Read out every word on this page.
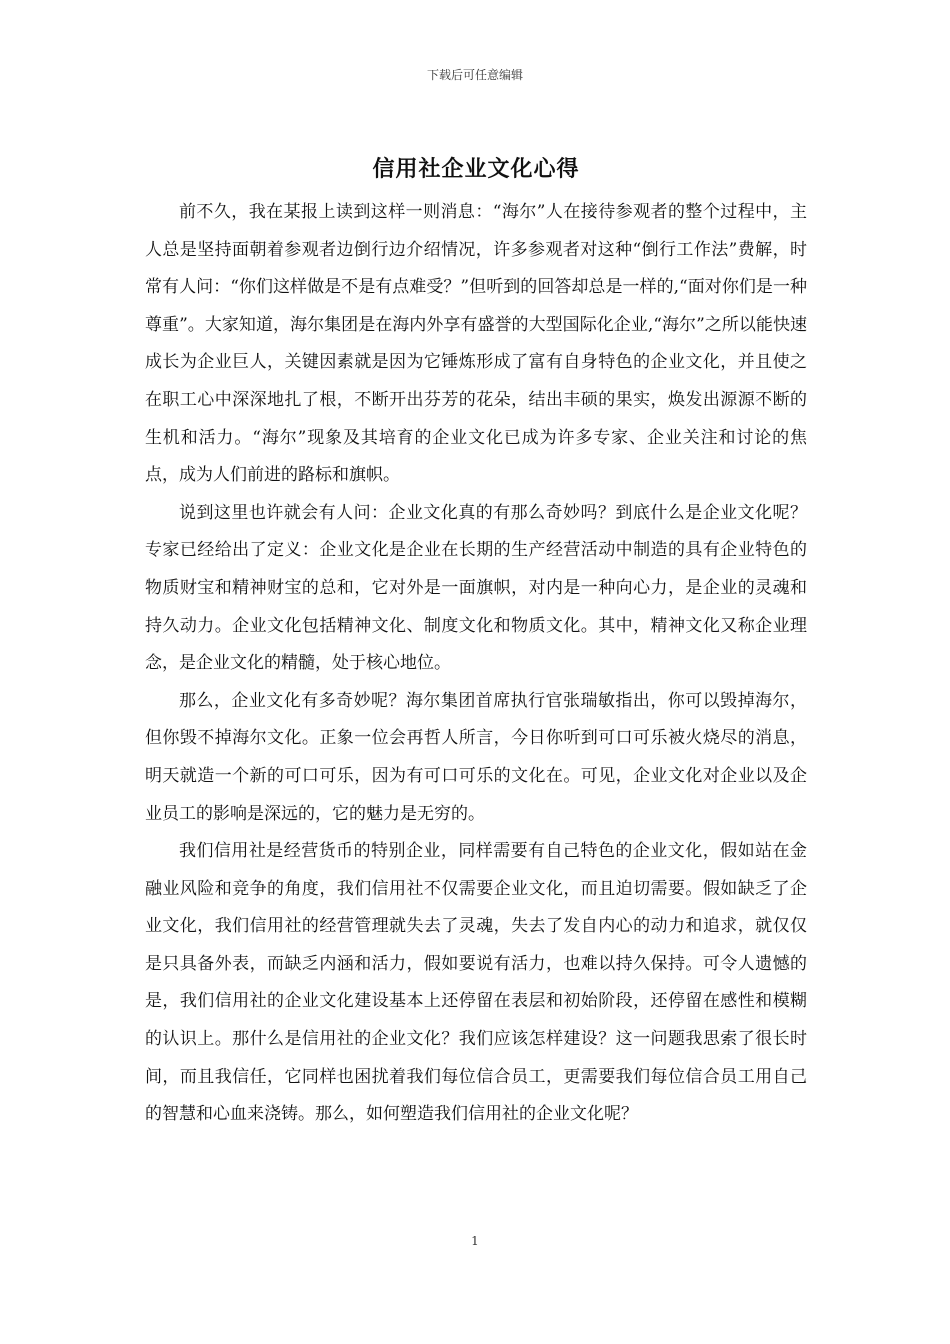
下载后可任意编辑
信用社企业文化心得

前不久，我在某报上读到这样一则消息：“海尔”人在接待参观者的整个过程中，主人总是坚持面朝着参观者边倒行边介绍情况，许多参观者对这种“倒行工作法”费解，时常有人问：“你们这样做是不是有点难受？”但听到的回答却总是一样的,“面对你们是一种尊重”。大家知道，海尔集团是在海内外享有盛誉的大型国际化企业,“海尔”之所以能快速成长为企业巨人，关键因素就是因为它锤炼形成了富有自身特色的企业文化，并且使之在职工心中深深地扎了根，不断开出芬芳的花朵，结出丰硕的果实，焕发出源源不断的生机和活力。“海尔”现象及其培育的企业文化已成为许多专家、企业关注和讨论的焦点，成为人们前进的路标和旗帜。

说到这里也许就会有人问：企业文化真的有那么奇妙吗？到底什么是企业文化呢？专家已经给出了定义：企业文化是企业在长期的生产经营活动中制造的具有企业特色的物质财宝和精神财宝的总和，它对外是一面旗帜，对内是一种向心力，是企业的灵魂和持久动力。企业文化包括精神文化、制度文化和物质文化。其中，精神文化又称企业理念，是企业文化的精髓，处于核心地位。

那么，企业文化有多奇妙呢？海尔集团首席执行官张瑞敏指出，你可以毁掉海尔，但你毁不掉海尔文化。正象一位会再哲人所言，今日你听到可口可乐被火烧尽的消息，明天就造一个新的可口可乐，因为有可口可乐的文化在。可见，企业文化对企业以及企业员工的影响是深远的，它的魅力是无穷的。

我们信用社是经营货币的特别企业，同样需要有自己特色的企业文化，假如站在金融业风险和竞争的角度，我们信用社不仅需要企业文化，而且迫切需要。假如缺乏了企业文化，我们信用社的经营管理就失去了灵魂，失去了发自内心的动力和追求，就仅仅是只具备外表，而缺乏内涵和活力，假如要说有活力，也难以持久保持。可令人遗憾的是，我们信用社的企业文化建设基本上还停留在表层和初始阶段，还停留在感性和模糊的认识上。那什么是信用社的企业文化？我们应该怎样建设？这一问题我思索了很长时间，而且我信任，它同样也困扰着我们每位信合员工，更需要我们每位信合员工用自己的智慧和心血来浇铸。那么，如何塑造我们信用社的企业文化呢？

1
